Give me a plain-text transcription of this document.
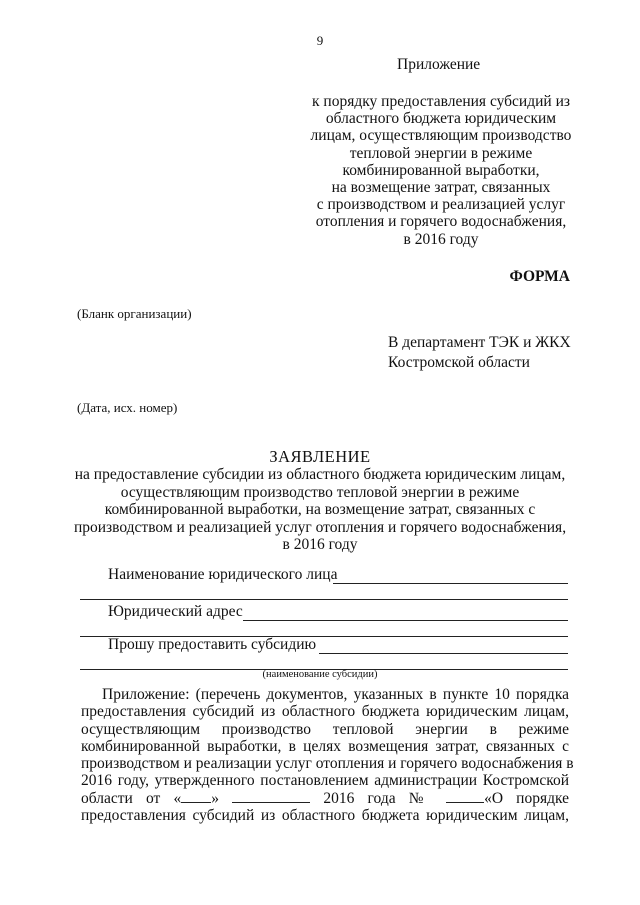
9
Приложение
к порядку предоставления субсидий из
областного бюджета юридическим
лицам, осуществляющим производство
тепловой энергии в режиме
комбинированной выработки,
на возмещение затрат, связанных
с производством и реализацией услуг
отопления и горячего водоснабжения,
в 2016 году
ФОРМА
(Бланк организации)
В департамент ТЭК и ЖКХ
Костромской области
(Дата, исх. номер)
ЗАЯВЛЕНИЕ
на предоставление субсидии из областного бюджета юридическим лицам,
осуществляющим производство тепловой энергии в режиме
комбинированной выработки, на возмещение затрат, связанных с
производством и реализацией услуг отопления и горячего водоснабжения,
в 2016 году
Наименование юридического лица
Юридический адрес
Прошу предоставить субсидию
(наименование субсидии)
Приложение: (перечень документов, указанных в пункте 10 порядка
предоставления субсидий из областного бюджета юридическим лицам,
осуществляющим производство тепловой энергии в режиме
комбинированной выработки, в целях возмещения затрат, связанных с
производством и реализации услуг отопления и горячего водоснабжения в
2016 году, утвержденного постановлением администрации Костромской
области от « »	2016 года №	«О порядке
предоставления субсидий из областного бюджета юридическим лицам,
